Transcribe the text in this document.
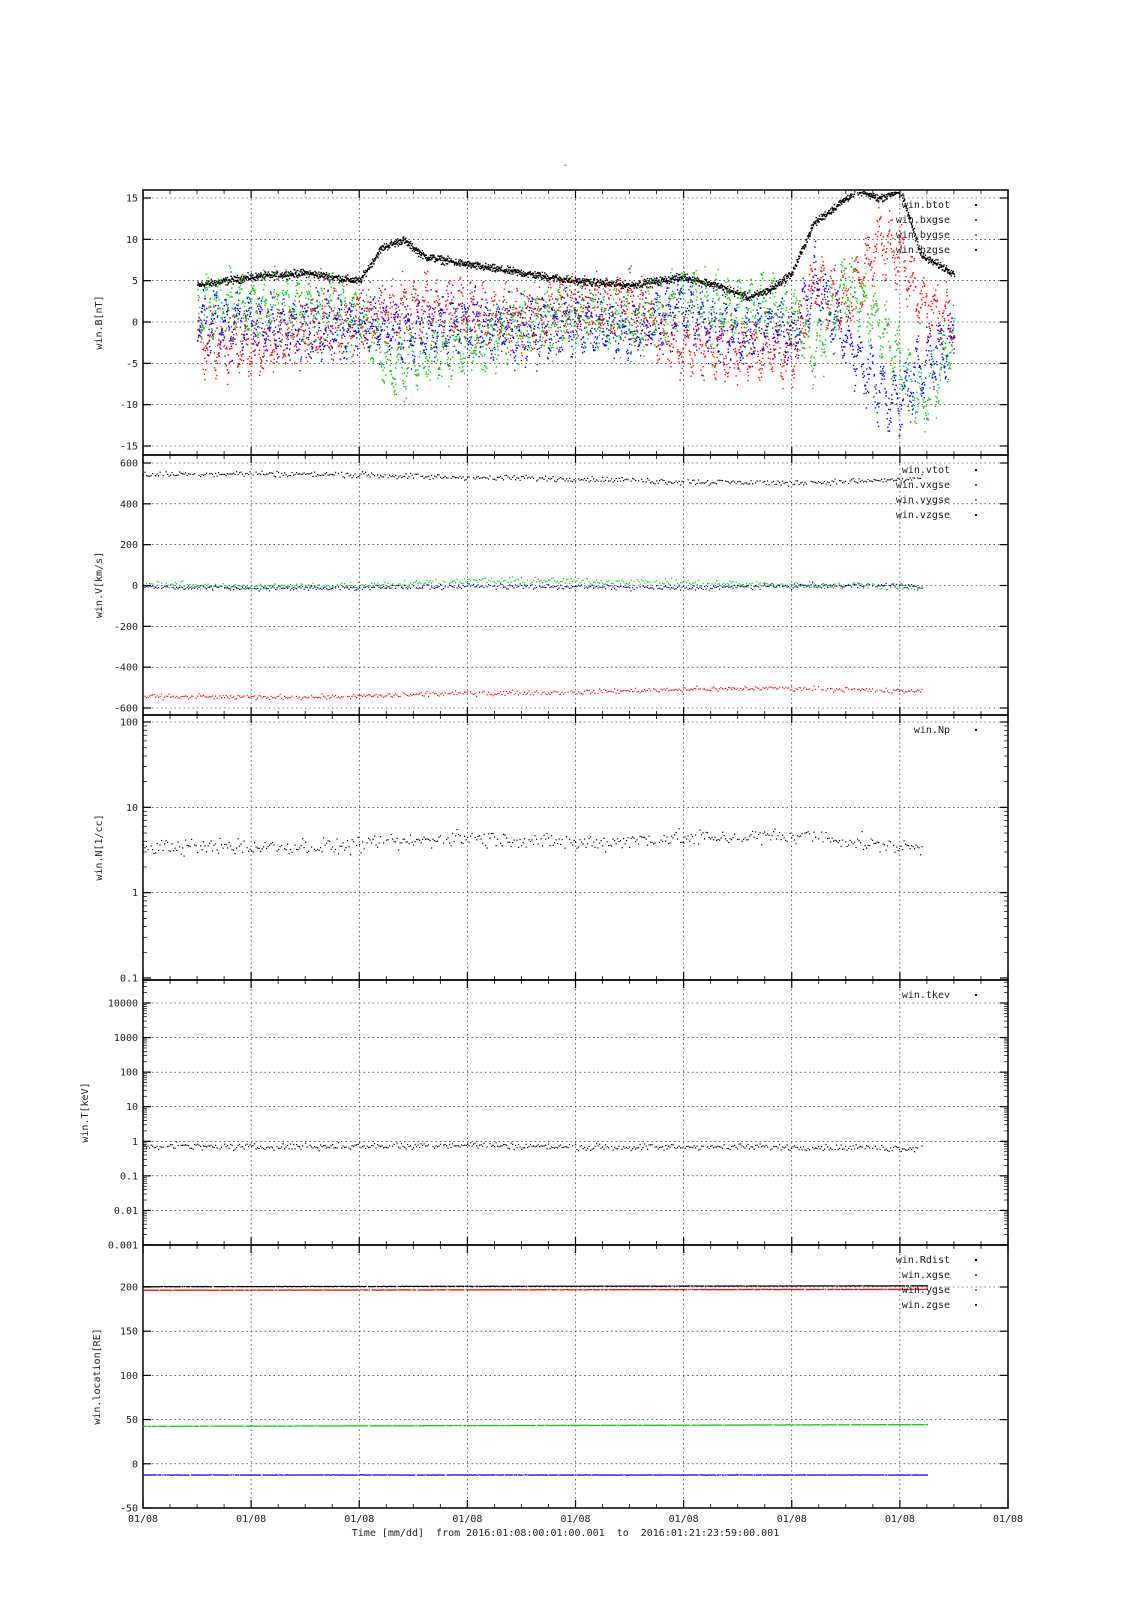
-
-15
-10
-5
0
5
10
15
win.B[nT]
win.btot
win.bxgse
win.bygse
win.bzgse
-600
-400
-200
0
200
400
600
win.V[km/s]
win.vtot
win.vxgse
win.vygse
win.vzgse
0.1
1
10
100
win.N[1/cc]
win.Np
0.001
0.01
0.1
1
10
100
1000
10000
win.T[keV]
win.tkev
-50
0
50
100
150
200
win.location[RE]
win.Rdist
win.xgse
win.ygse
win.zgse
01/08	01/08	01/08	01/08	01/08	01/08	01/08	01/08	01/08
Time [mm/dd]  from 2016:01:08:00:01:00.001  to  2016:01:21:23:59:00.001
